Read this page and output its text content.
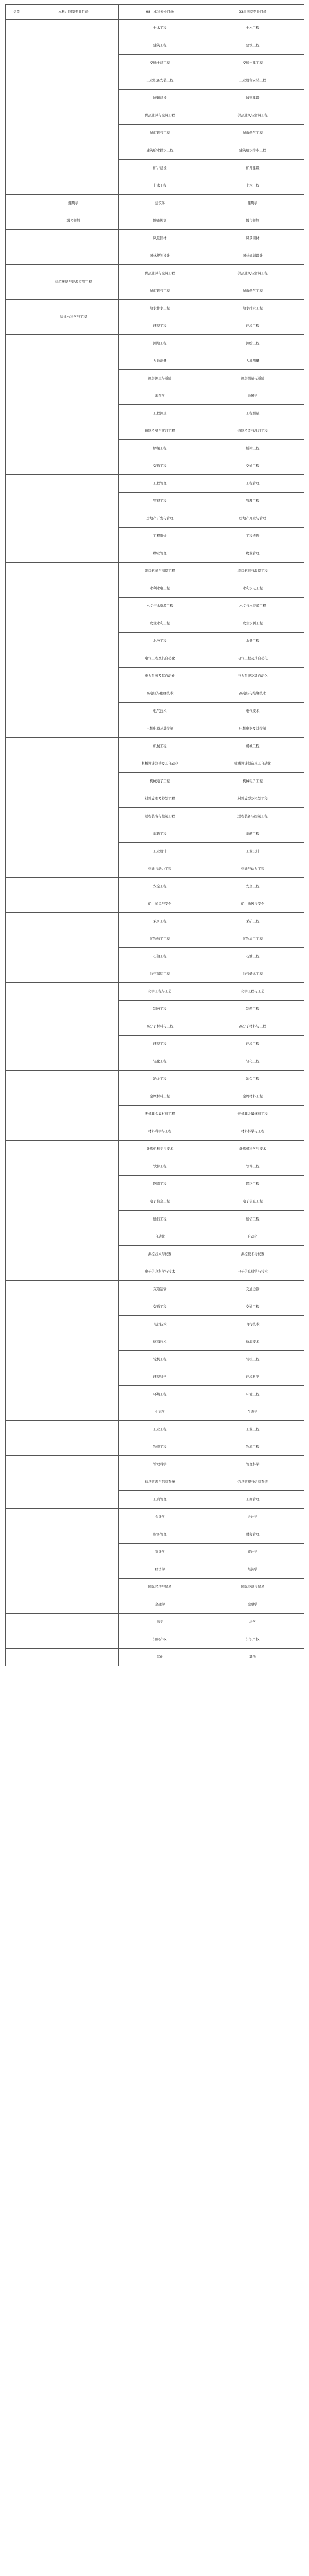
类别	本科：国家专业目录	98：本科专业目录	93年国家专业目录
		土木工程	土木工程
		建筑工程	建筑工程
		交通土建工程	交通土建工程
		工业设备安装工程	工业设备安装工程
		城镇建设	城镇建设
		供热通风与空调工程	供热通风与空调工程
		城市燃气工程	城市燃气工程
		建筑给水排水工程	建筑给水排水工程
		矿井建设	矿井建设
		土木工程	土木工程
	建筑学	建筑学	建筑学
	城乡规划	城市规划	城市规划
		风景园林	风景园林
		园林规划设计	园林规划设计
	建筑环境与能源应用工程	供热通风与空调工程	供热通风与空调工程
		城市燃气工程	城市燃气工程
	给排水科学与工程	给水排水工程	给水排水工程
		环境工程	环境工程
		测绘工程	测绘工程
		大地测量	大地测量
		摄影测量与遥感	摄影测量与遥感
		地图学	地图学
		工程测量	工程测量
		道路桥梁与渡河工程	道路桥梁与渡河工程
		桥梁工程	桥梁工程
		交通工程	交通工程
		工程管理	工程管理
		管理工程	管理工程
		房地产开发与管理	房地产开发与管理
		工程造价	工程造价
		物业管理	物业管理
		港口航道与海岸工程	港口航道与海岸工程
		水利水电工程	水利水电工程
		水文与水资源工程	水文与水资源工程
		农业水利工程	农业水利工程
		水务工程	水务工程
		电气工程及其自动化	电气工程及其自动化
		电力系统及其自动化	电力系统及其自动化
		高电压与绝缘技术	高电压与绝缘技术
		电气技术	电气技术
		电机电器及其控制	电机电器及其控制
		机械工程	机械工程
		机械设计制造及其自动化	机械设计制造及其自动化
		机械电子工程	机械电子工程
		材料成型及控制工程	材料成型及控制工程
		过程装备与控制工程	过程装备与控制工程
		车辆工程	车辆工程
		工业设计	工业设计
		热能与动力工程	热能与动力工程
		安全工程	安全工程
		矿山通风与安全	矿山通风与安全
		采矿工程	采矿工程
		矿物加工工程	矿物加工工程
		石油工程	石油工程
		油气储运工程	油气储运工程
		化学工程与工艺	化学工程与工艺
		制药工程	制药工程
		高分子材料与工程	高分子材料与工程
		环境工程	环境工程
		轻化工程	轻化工程
		冶金工程	冶金工程
		金属材料工程	金属材料工程
		无机非金属材料工程	无机非金属材料工程
		材料科学与工程	材料科学与工程
		计算机科学与技术	计算机科学与技术
		软件工程	软件工程
		网络工程	网络工程
		电子信息工程	电子信息工程
		通信工程	通信工程
		自动化	自动化
		测控技术与仪器	测控技术与仪器
		电子信息科学与技术	电子信息科学与技术
		交通运输	交通运输
		交通工程	交通工程
		飞行技术	飞行技术
		航海技术	航海技术
		轮机工程	轮机工程
		环境科学	环境科学
		环境工程	环境工程
		生态学	生态学
		工业工程	工业工程
		物流工程	物流工程
		管理科学	管理科学
		信息管理与信息系统	信息管理与信息系统
		工商管理	工商管理
		会计学	会计学
		财务管理	财务管理
		审计学	审计学
		经济学	经济学
		国际经济与贸易	国际经济与贸易
		金融学	金融学
		法学	法学
		知识产权	知识产权
		其他	其他
